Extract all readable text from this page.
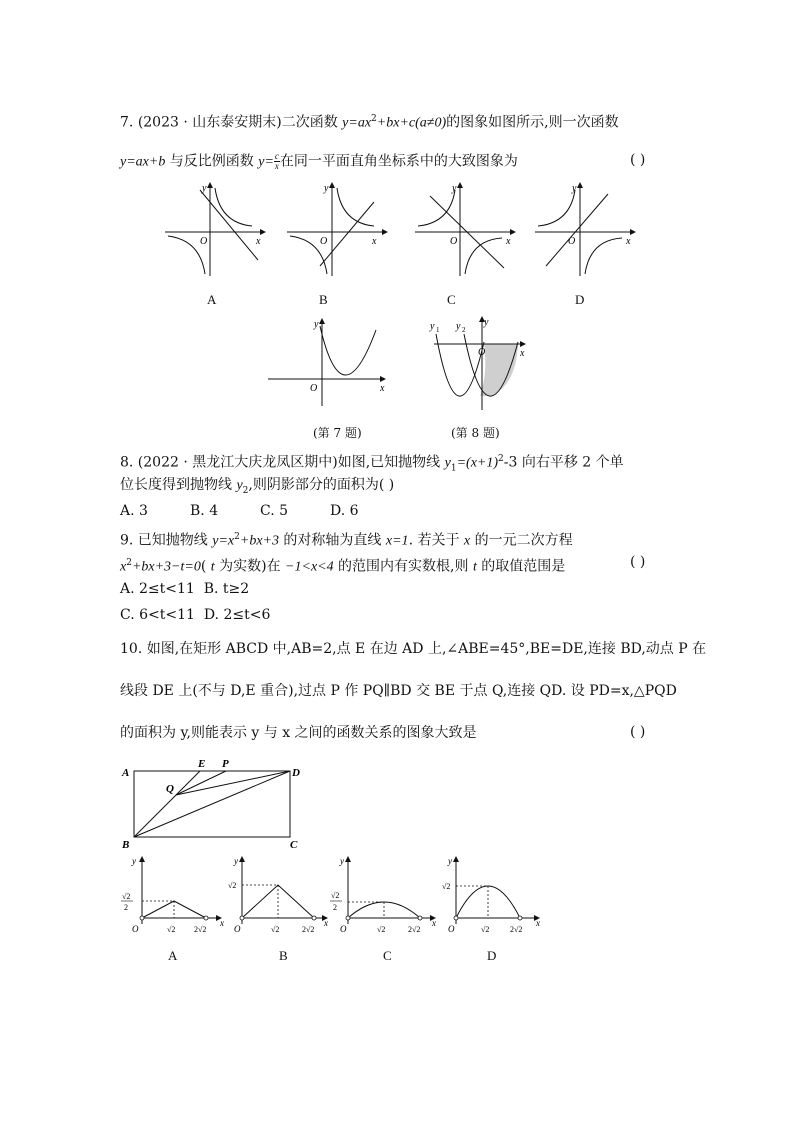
7. (2023 · 山东泰安期末)二次函数 $y=ax^2+bx+c(a\ne 0)$的图象如图所示,则一次函数
y=ax+b 与反比例函数 $y= \frac{c}{x}$ 在同一平面直角坐标系中的大致图象为	( )
y
O	x
y
O	x
y
O	x
y
O	x
A	B	C	D
y
O	x
y 1 y 2
y
O	x
(第 7 题)	(第 8 题)
8. (2022 · 黑龙江大庆龙凤区期中)如图,已知抛物线 $y_1=(x+1)^2-3$ 向右平移 2 个单
位长度得到抛物线 $y_2$,则阴影部分的面积为( )
A. 3	B. 4	C. 5	D. 6
9. 已知抛物线 $y=x^2+bx+3$ 的对称轴为直线 x=1. 若关于 x 的一元二次方程
$x^2+bx+3-t=0$( t 为实数)在 −1<x<4 的范围内有实数根,则 t 的取值范围是	( )
A. 2≤t<11 B. t≥2
C. 6<t<11 D. 2≤t<6
10. 如图,在矩形 ABCD 中,AB=2,点 E 在边 AD 上,∠ABE=45°,BE=DE,连接 BD,动点 P 在
线段 DE 上(不与 D,E 重合),过点 P 作 PQ∥BD 交 BE 于点 Q,连接 QD. 设 PD=x,△PQD
的面积为 y,则能表示 y 与 x 之间的函数关系的图象大致是	( )
A
B	C
D
E P
Q
y
x
O
√2
2
√2 2√2
y
x
O
√2
√2	2√2
y
x
O
√2
2
√2	2√2
y
x
O
√2
√2	2√2
A	B	C	D
